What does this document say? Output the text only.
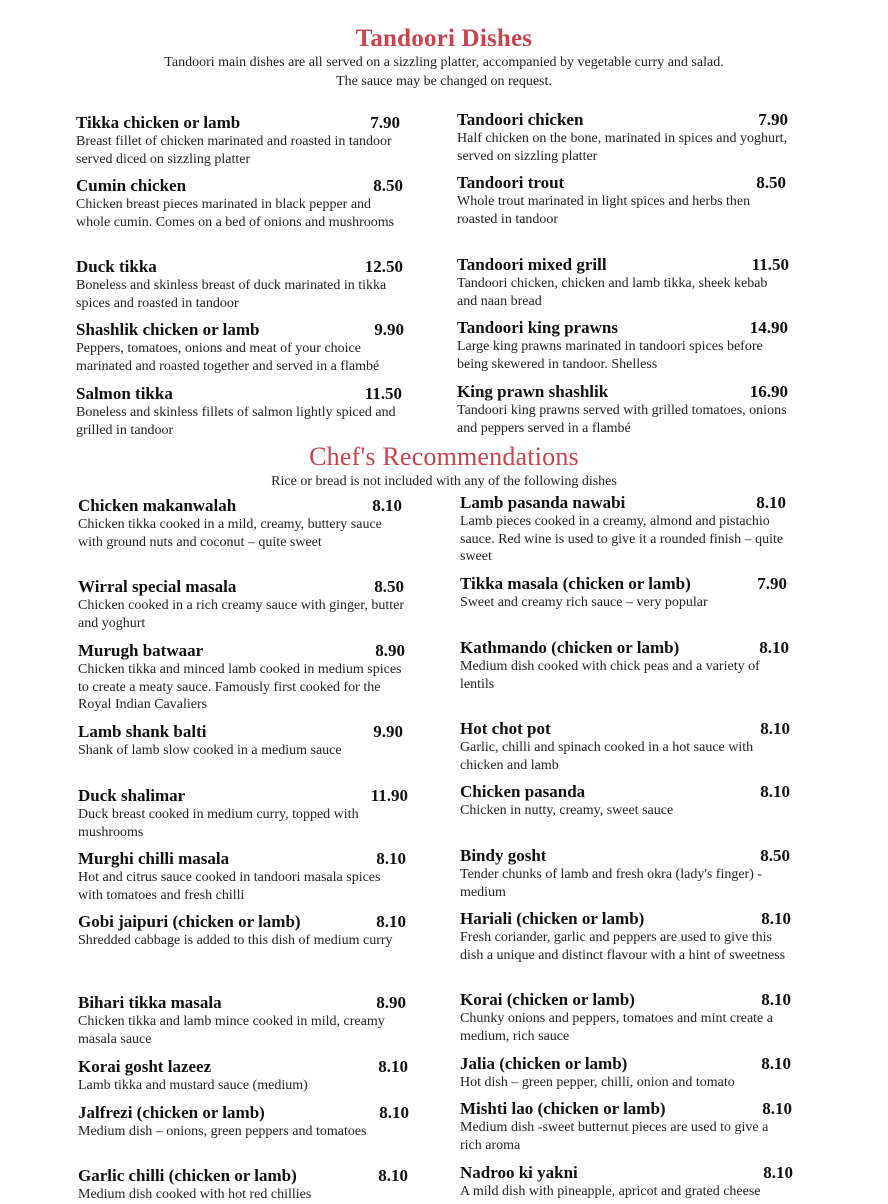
Tandoori Dishes
Tandoori main dishes are all served on a sizzling platter, accompanied by vegetable curry and salad.
The sauce may be changed on request.
Tikka chicken or lamb	7.90
Breast fillet of chicken marinated and roasted in tandoor served diced on sizzling platter
Cumin chicken	8.50
Chicken breast pieces marinated in black pepper and whole cumin. Comes on a bed of onions and mushrooms
Duck tikka	12.50
Boneless and skinless breast of duck marinated in tikka spices and roasted in tandoor
Shashlik chicken or lamb	9.90
Peppers, tomatoes, onions and meat of your choice marinated and roasted together and served in a flambé
Salmon tikka	11.50
Boneless and skinless fillets of salmon lightly spiced and grilled in tandoor
Tandoori chicken	7.90
Half chicken on the bone, marinated in spices and yoghurt, served on sizzling platter
Tandoori trout	8.50
Whole trout marinated in light spices and herbs then roasted in tandoor
Tandoori mixed grill	11.50
Tandoori chicken, chicken and lamb tikka, sheek kebab and naan bread
Tandoori king prawns	14.90
Large king prawns marinated in tandoori spices before being skewered in tandoor. Shelless
King prawn shashlik	16.90
Tandoori king prawns served with grilled tomatoes, onions and peppers served in a flambé
Chef's Recommendations
Rice or bread is not included with any of the following dishes
Chicken makanwalah	8.10
Chicken tikka cooked in a mild, creamy, buttery sauce with ground nuts and coconut – quite sweet
Wirral special masala	8.50
Chicken cooked in a rich creamy sauce with ginger, butter and yoghurt
Murugh batwaar	8.90
Chicken tikka and minced lamb cooked in medium spices to create a meaty sauce. Famously first cooked for the Royal Indian Cavaliers
Lamb shank balti	9.90
Shank of lamb slow cooked in a medium sauce
Duck shalimar	11.90
Duck breast cooked in medium curry, topped with mushrooms
Murghi chilli masala	8.10
Hot and citrus sauce cooked in tandoori masala spices with tomatoes and fresh chilli
Gobi jaipuri (chicken or lamb)	8.10
Shredded cabbage is added to this dish of medium curry
Bihari tikka masala	8.90
Chicken tikka and lamb mince cooked in mild, creamy masala sauce
Korai gosht lazeez	8.10
Lamb tikka and mustard sauce (medium)
Jalfrezi (chicken or lamb)	8.10
Medium dish – onions, green peppers and tomatoes
Garlic chilli (chicken or lamb)	8.10
Medium dish cooked with hot red chillies
Lamb pasanda nawabi	8.10
Lamb pieces cooked in a creamy, almond and pistachio sauce. Red wine is used to give it a rounded finish – quite sweet
Tikka masala (chicken or lamb)	7.90
Sweet and creamy rich sauce – very popular
Kathmando (chicken or lamb)	8.10
Medium dish cooked with chick peas and a variety of lentils
Hot chot pot	8.10
Garlic, chilli and spinach cooked in a hot sauce with chicken and lamb
Chicken pasanda	8.10
Chicken in nutty, creamy, sweet sauce
Bindy gosht	8.50
Tender chunks of lamb and fresh okra (lady's finger) - medium
Hariali (chicken or lamb)	8.10
Fresh coriander, garlic and peppers are used to give this dish a unique and distinct flavour with a hint of sweetness
Korai (chicken or lamb)	8.10
Chunky onions and peppers, tomatoes and mint create a medium, rich sauce
Jalia (chicken or lamb)	8.10
Hot dish – green pepper, chilli, onion and tomato
Mishti lao (chicken or lamb)	8.10
Medium dish -sweet butternut pieces are used to give a rich aroma
Nadroo ki yakni	8.10
A mild dish with pineapple, apricot and grated cheese
